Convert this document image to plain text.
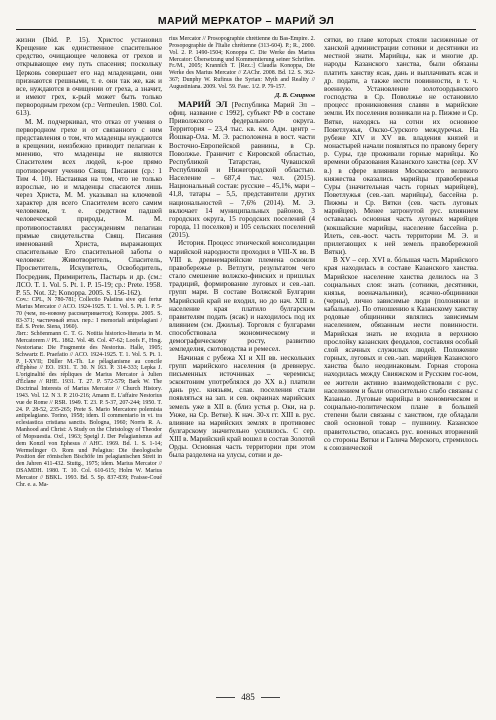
МАРИЙ МЕРКАТОР – МАРИЙ ЭЛ

жизни (Ibid. P. 15). Христос установил Крещение как единственное спасительное средство, очищающее человека от грехов и открывающее ему путь спасения; поскольку Церковь совершает его над младенцами, они признаются грешными, т. е. они так же, как и все, нуждаются в очищении от греха, а значит, и имеют грех, к-рый может быть только первородным грехом (ср.: Vermeulen. 1980. Col. 613).

М. М. подчеркивал, что отказ от учения о первородном грехе и от связанного с ним представления о том, что младенцы нуждаются в крещении, неизбежно приводит пелагиан к мнению, что младенцы не являются Спасителем всех людей, к-рое прямо противоречит учению Свящ. Писания (ср.: 1 Тим 4. 10). Настаивая на том, что не только взрослые, но и младенцы спасаются лишь через Христа, М. М. указывал на ключевой характер для всего Спасителем всего самим человеком, т. е. средством падшей человеческой природы, М. М. противопоставлял рассуждениям пелагиан прямые свидетельства Свящ. Писания именований Христа, выражающих спасительные Его спасительной заботы о человеке: Животворитель, Спаситель, Просветитель, Искупитель, Освободитель, Посредник, Примиритель, Пастырь и др. (см.: ЛСО. Т. 1. Vol. 5. Pt. 1. P. 15-19; ср.: Prete. 1958. P. 55. Not. 32; Konoppa. 2005. S. 156-162).

Соч.: CPL, N 780-781; Collectio Palatina sive qui fertur Marius Mercator // ACO. 1924-1925. T. 1. Vol. 5. Pt. 1. P. 5-70 (чем, по-новому рассматривается); Konoppa. 2005. S. 83-371; частичный итал. пер.: I memoriali antipelagiani / Ed. S. Prete. Siena, 1960).

Лит.: Schöenmann C. T. G. Notitia historico-literaria in M. Mercatorem // PL. 1862. Vol. 48. Col. 47-62; Loofs F., Hrsg. Nestoriana: Die Fragmente des Nestorius. Halle, 1905; Schwartz E. Praefatio // ACO. 1924-1925. T. 1. Vol. 5. Pt. 1. P. I-XVII; Düller M.-Th. Le pélagianisme au concile d'Éphèse // EO. 1931. T. 30. N 163. P. 314-333; Lepka J. L'originalité des répliques de Marius Mercator à Julien d'Éclane // RHE. 1931. T. 27. P. 572-579; Bark W. The Doctrinal Interests of Marius Mercator // Church History. 1943. Vol. 12. N 3. P. 210-216; Amann E. L'affaire Nestorius vue de Rome // RSR. 1949. T. 23. P. 5-37, 207-244; 1950. T. 24. P. 28-52, 235-265; Prete S. Mario Mercatore polemista antipelagiano. Torino, 1958; idem. Il commentario in vi. tra eclesiastica cristiana sanctis. Bologna, 1960; Norris R. A. Manhood and Christ: A Study on the Christology of Theodor of Mopsuestia. Oxf., 1963; Speigl J. Der Pelagianismus auf dem Konzil von Ephesus // AHC. 1969. Bd. 1. S. 1-14; Wermelinger O. Rom und Pelagius: Die theologische Position der römischen Bischöfe im pelagianischen Streit in den Jahren 411-432. Stuttg., 1975; idem. Marius Mercator // DSAMDH. 1980. T. 10. Col. 610-615; Holm W. Marius Mercator // BBKL. 1993. Bd. 5. Sp. 837-839; Fraisse-Coué Chr. e. a. Ma-

rius Mercator // Prosopographie chrétienne du Bas-Empire. 2. Prosopographie de l'Italie chrétienne (313-604). P.; R., 2000. Vol. 2. P. 1490-1504; Konoppa C. Die Werke des Marius Mercator: Übersetzung und Kommentierung seiner Schriften. Fr./M., 2005; Krannich T. [Rez.:] Claudia Konoppa, Die Werke des Marius Mercator // ZAChr. 2008. Bd. 12. S. 362-367; Dunphy W. Rufinus the Syrian: Myth and Reality // Augustiniana. 2009. Vol. 59. Fasc. 1/2. P. 79-157.

Д. В. Смирнов

МАРИЙ ЭЛ [Республика Марий Эл – офиц. название с 1992], субъект РФ в составе Приволжского федерального округа. Территория – 23,4 тыс. кв. км. Адм. центр – Йошкар-Ола. М. Э. расположена в вост. части Восточно-Европейской равнины, в Ср. Поволжье. Граничит с Кировской областью, Республикой Татарстан, Чувашской Республикой и Нижегородской областью. Население – 687,4 тыс. чел. (2015). Национальный состав: русские – 45,1%, мари – 41,8, татары – 5,5, представители других национальностей – 7,6% (2014). М. Э. включает 14 муниципальных районов, 3 городских округа, 15 городских поселений (4 города, 11 поселков) и 105 сельских поселений (2015).

История. Процесс этнической консолидации марийской народности проходил в VIII-X вв. В VIII в. древнемарийские племена освоили правобережье р. Ветлуги, результатом чего стало смешение волжско-финских и пришлых традиций, формирование луговых и сев.-зап. групп мари. В составе Волжской Булгарии Марийский край не входил, но до нач. XIII в. население края платило булгарским правителям подать (ясак) и находилось под их влиянием (см. Джилья). Торговля с булгарами способствовала экономическому и демографическому росту, развитию земледелия, скотоводства и ремесел.

Начиная с рубежа XI и XII вв. нескольких групп марийского населения (в древнерус. письменных источниках – черемисы; эсконтоним употреблялся до XX в.) платили дань рус. князьям, слав. поселения стали появляться на зап. и сев. окраинах марийских земель уже в XII в. (близ устья р. Оки, на р. Унже, на Ср. Ветке). К нач. 30-х гг. XIII в. рус. влияние на марийских землях в противовес булгарскому значительно усилилось. С сер. XIII в. Марийский край вошел в состав Золотой Орды. Основная часть территории при этом была разделена на улусы, сотни и де-

сятки, во главе которых стояли засиженные от ханской администрации сотники и десятники из местной знати. Марийцы, как и многие др. народы Казанского ханства, были обязаны платить ханству ясак, дань и выплачивать ясак и др. подати, а также нести повинности, в т. ч. военную. Установление золотоордынского господства в Ср. Поволжье не остановило процесс проникновения славян в марийские земли. Их поселения возникали на р. Пижме и Ср. Вятке, находясь на сотни их основное Поветлужья, Окско-Сурского междуречья. На рубеже XIV и XV вв. владения князей и монастырей начали появляться по правому берегу р. Суры, где проживали горные марийцы. Ко времени образования Казанского ханства (сер. XV в.) в сфере влияния Московского великого княжества оказались марийцы правобережья Суры (значительная часть горных марийцев), Поветлужья (сев.-зап. марийцы), бассейна р. Пижмы и Ср. Вятки (сев. часть луговых марийцев). Менее затронутой рус. влиянием оставалась основная часть луговых марийцев (кокшайские марийцы, население бассейна р. Илеть, сев.-вост. часть территории М. Э. и прилегающих к ней земель правобережной Вятки).

В XV – сер. XVI в. бóльшая часть Марийского края находилась в составе Казанского ханства. Марийское население ханства делилось на 3 социальных слоя: знать (сотники, десятники, князья, военачальники), ясачно-общинники (черны), лично зависимые люди (полонянки и кабальные). По отношению к Казанскому ханству родовые общинники являлись зависимым населением, обязанным нести повинности. Марийская знать не входила в верхнюю прослойку казанских феодалов, составляя особый слой ясачных служилых людей. Положение горных, луговых и сев.-зап. марийцев Казанского ханства было неодинаковым. Горная сторона находилась между Свияжском и Русским гос-вом, ее жители активно взаимодействовали с рус. населением и были относительно слабо связаны с Казанью. Луговые марийцы в экономическом и социально-политическом плане в большей степени были связаны с ханством, где обладали свой основной товар – пушнину. Казанское правительство, опасаясь рус. военных вторжений со стороны Вятки и Галича Мерского, стремилось к союзнической

485
